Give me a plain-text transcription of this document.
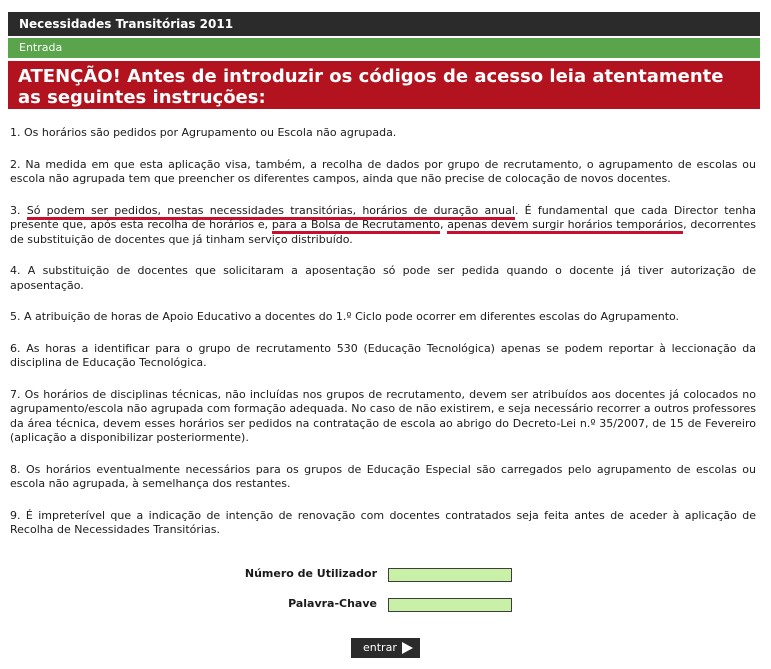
Necessidades Transitórias 2011
Entrada
ATENÇÃO! Antes de introduzir os códigos de acesso leia atentamente as seguintes instruções:
1. Os horários são pedidos por Agrupamento ou Escola não agrupada.
2. Na medida em que esta aplicação visa, também, a recolha de dados por grupo de recrutamento, o agrupamento de escolas ou escola não agrupada tem que preencher os diferentes campos, ainda que não precise de colocação de novos docentes.
3. Só podem ser pedidos, nestas necessidades transitórias, horários de duração anual. É fundamental que cada Director tenha presente que, após esta recolha de horários e, para a Bolsa de Recrutamento, apenas devem surgir horários temporários, decorrentes de substituição de docentes que já tinham serviço distribuído.
4. A substituição de docentes que solicitaram a aposentação só pode ser pedida quando o docente já tiver autorização de aposentação.
5. A atribuição de horas de Apoio Educativo a docentes do 1.º Ciclo pode ocorrer em diferentes escolas do Agrupamento.
6. As horas a identificar para o grupo de recrutamento 530 (Educação Tecnológica) apenas se podem reportar à leccionação da disciplina de Educação Tecnológica.
7. Os horários de disciplinas técnicas, não incluídas nos grupos de recrutamento, devem ser atribuídos aos docentes já colocados no agrupamento/escola não agrupada com formação adequada. No caso de não existirem, e seja necessário recorrer a outros professores da área técnica, devem esses horários ser pedidos na contratação de escola ao abrigo do Decreto-Lei n.º 35/2007, de 15 de Fevereiro (aplicação a disponibilizar posteriormente).
8. Os horários eventualmente necessários para os grupos de Educação Especial são carregados pelo agrupamento de escolas ou escola não agrupada, à semelhança dos restantes.
9. É impreterível que a indicação de intenção de renovação com docentes contratados seja feita antes de aceder à aplicação de Recolha de Necessidades Transitórias.
Número de Utilizador
Palavra-Chave
entrar
